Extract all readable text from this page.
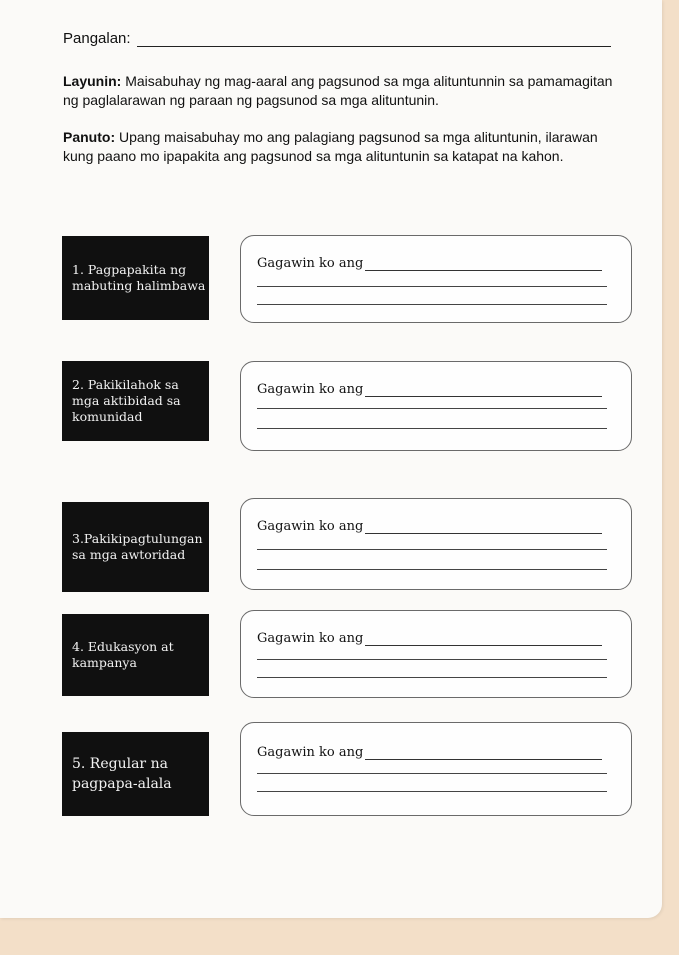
Pangalan:
Layunin: Maisabuhay ng mag-aaral ang pagsunod sa mga alituntunnin sa pamamagitan ng paglalarawan ng paraan ng pagsunod sa mga alituntunin.
Panuto: Upang maisabuhay mo ang palagiang pagsunod sa mga alituntunin, ilarawan kung paano mo ipapakita ang pagsunod sa mga alituntunin sa katapat na kahon.
1. Pagpapakita ng
mabuting halimbawa
Gagawin ko ang
2. Pakikilahok sa
mga aktibidad sa
komunidad
Gagawin ko ang
3.Pakikipagtulungan
sa mga awtoridad
Gagawin ko ang
4. Edukasyon at
kampanya
Gagawin ko ang
5. Regular na
pagpapa-alala
Gagawin ko ang
